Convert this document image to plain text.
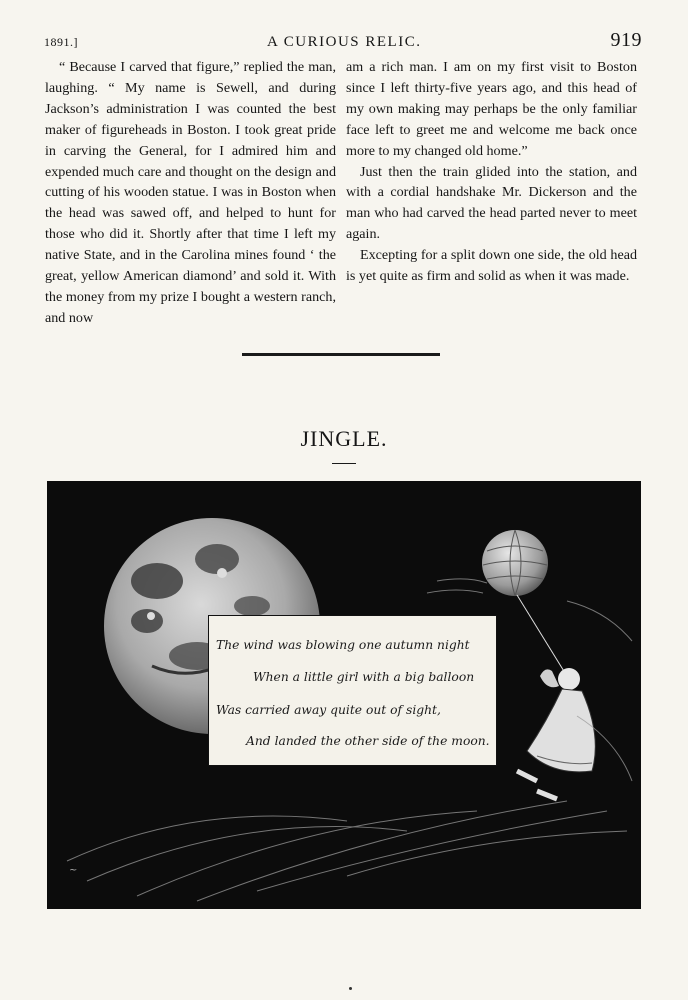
1891.]	A CURIOUS RELIC.	919

“ Because I carved that figure,” replied the man, laughing. “ My name is Sewell, and during Jackson’s administration I was counted the best maker of figureheads in Boston. I took great pride in carving the General, for I admired him and expended much care and thought on the design and cutting of his wooden statue. I was in Boston when the head was sawed off, and helped to hunt for those who did it. Shortly after that time I left my native State, and in the Carolina mines found ‘ the great, yellow American diamond’ and sold it. With the money from my prize I bought a western ranch, and now

am a rich man. I am on my first visit to Boston since I left thirty-five years ago, and this head of my own making may perhaps be the only familiar face left to greet me and welcome me back once more to my changed old home.”

Just then the train glided into the station, and with a cordial handshake Mr. Dickerson and the man who had carved the head parted never to meet again.

Excepting for a split down one side, the old head is yet quite as firm and solid as when it was made.

JINGLE.
~
The wind was blowing one autumn night
When a little girl with a big balloon
Was carried away quite out of sight,
And landed the other side of the moon.
